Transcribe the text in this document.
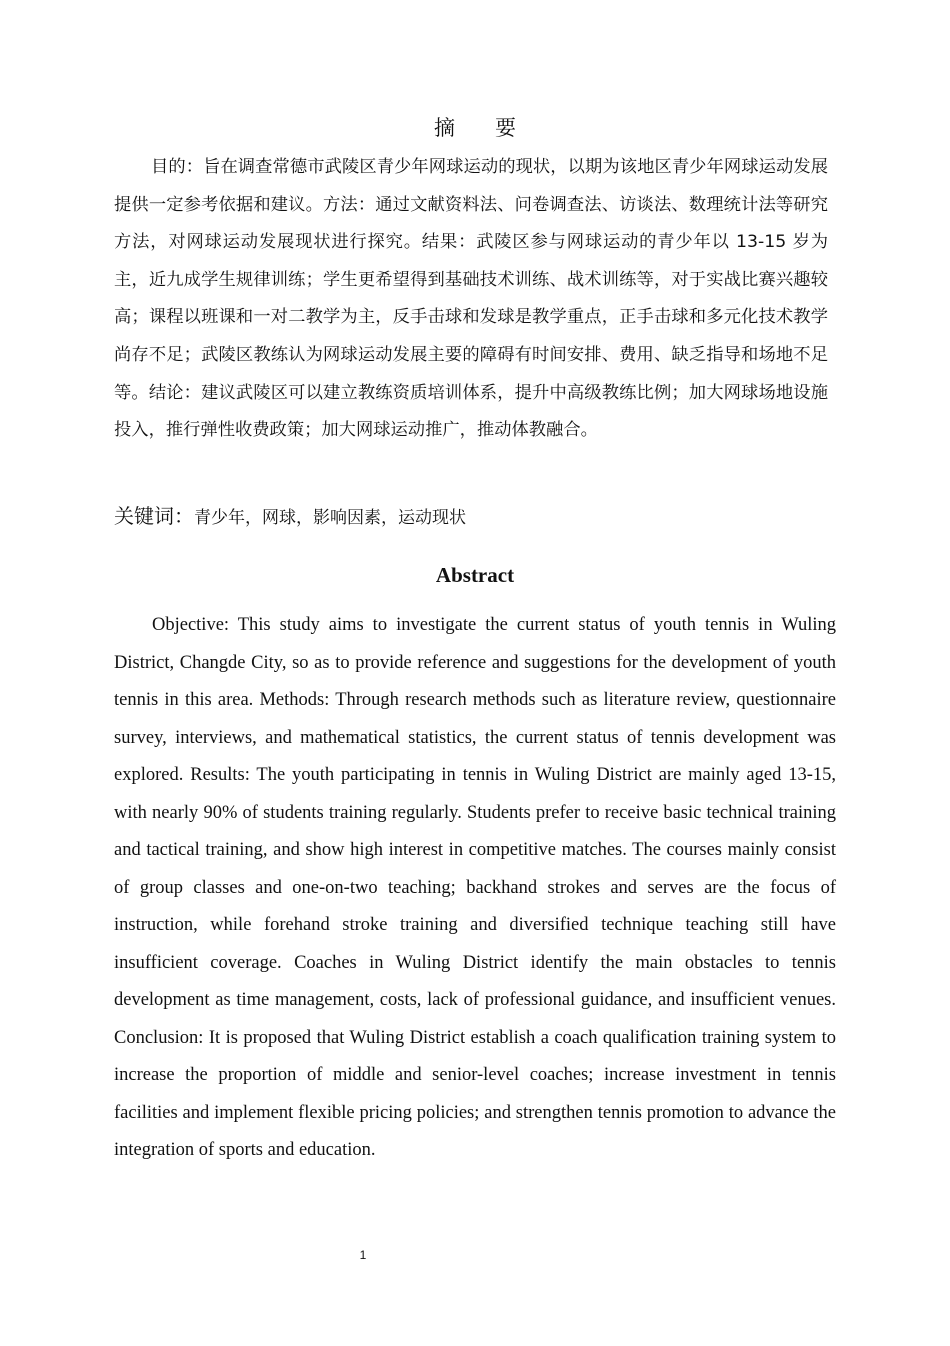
摘 要

目的：旨在调查常德市武陵区青少年网球运动的现状，以期为该地区青少年网球运动发展提供一定参考依据和建议。方法：通过文献资料法、问卷调查法、访谈法、数理统计法等研究方法，对网球运动发展现状进行探究。结果：武陵区参与网球运动的青少年以 13-15 岁为主，近九成学生规律训练；学生更希望得到基础技术训练、战术训练等，对于实战比赛兴趣较高；课程以班课和一对二教学为主，反手击球和发球是教学重点，正手击球和多元化技术教学尚存不足；武陵区教练认为网球运动发展主要的障碍有时间安排、费用、缺乏指导和场地不足等。结论：建议武陵区可以建立教练资质培训体系，提升中高级教练比例；加大网球场地设施投入，推行弹性收费政策；加大网球运动推广，推动体教融合。

关键词：青少年，网球，影响因素，运动现状

Abstract

Objective: This study aims to investigate the current status of youth tennis in Wuling District, Changde City, so as to provide reference and suggestions for the development of youth tennis in this area. Methods: Through research methods such as literature review, questionnaire survey, interviews, and mathematical statistics, the current status of tennis development was explored. Results: The youth participating in tennis in Wuling District are mainly aged 13-15, with nearly 90% of students training regularly. Students prefer to receive basic technical training and tactical training, and show high interest in competitive matches. The courses mainly consist of group classes and one-on-two teaching; backhand strokes and serves are the focus of instruction, while forehand stroke training and diversified technique teaching still have insufficient coverage. Coaches in Wuling District identify the main obstacles to tennis development as time management, costs, lack of professional guidance, and insufficient venues. Conclusion: It is proposed that Wuling District establish a coach qualification training system to increase the proportion of middle and senior-level coaches; increase investment in tennis facilities and implement flexible pricing policies; and strengthen tennis promotion to advance the integration of sports and education.

1
